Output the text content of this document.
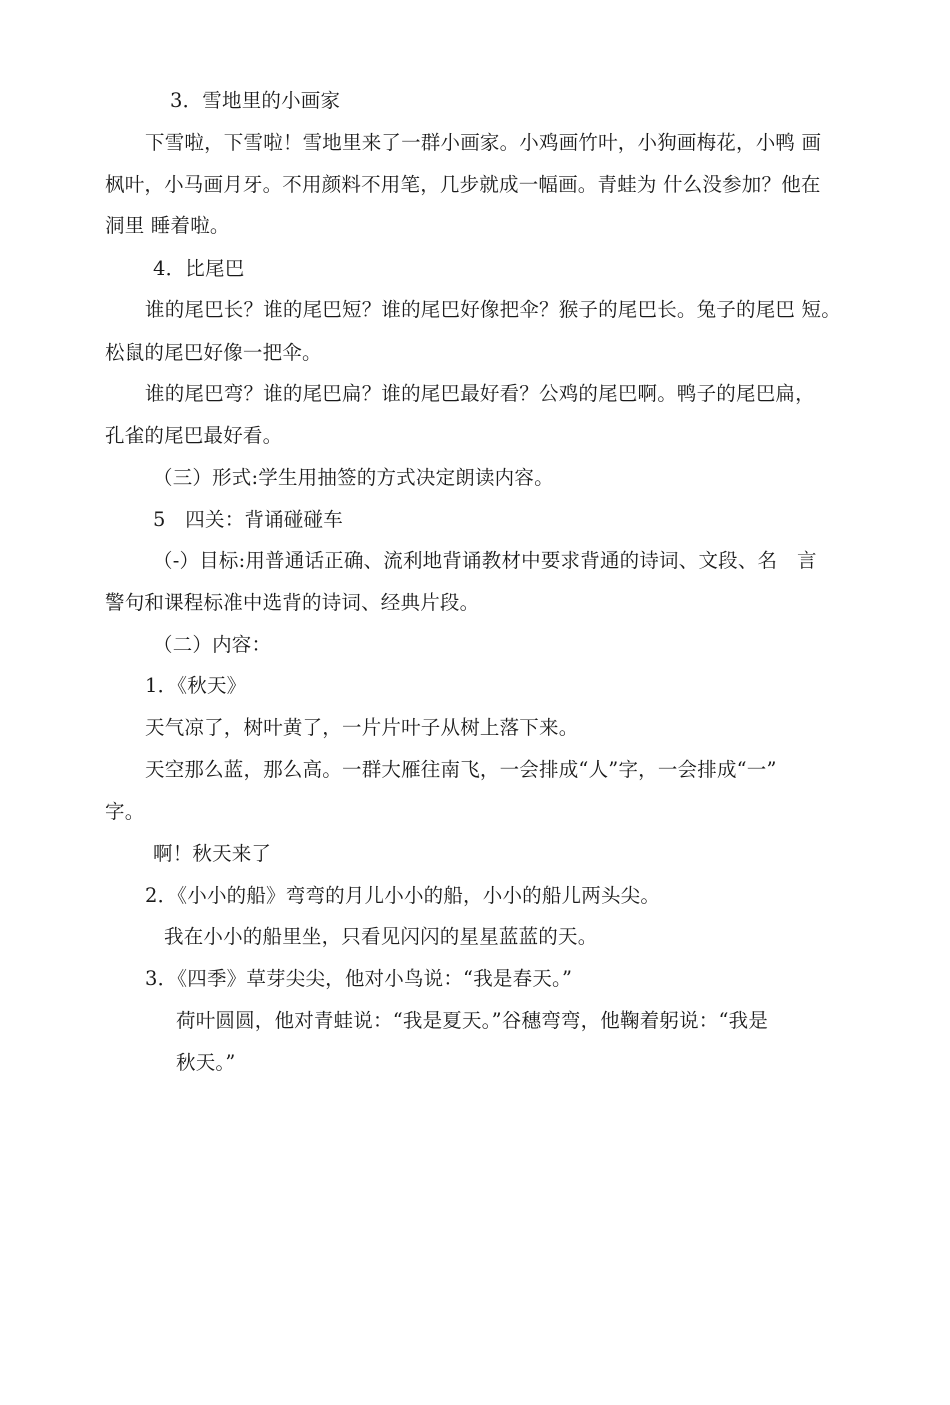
3．雪地里的小画家
下雪啦，下雪啦！雪地里来了一群小画家。小鸡画竹叶，小狗画梅花，小鸭 画
枫叶，小马画月牙。不用颜料不用笔，几步就成一幅画。青蛙为 什么没参加？他在
洞里 睡着啦。
4．比尾巴
谁的尾巴长？谁的尾巴短？谁的尾巴好像把伞？猴子的尾巴长。兔子的尾巴 短。
松鼠的尾巴好像一把伞。
谁的尾巴弯？谁的尾巴扁？谁的尾巴最好看？公鸡的尾巴啊。鸭子的尾巴扁，
孔雀的尾巴最好看。
（三）形式:学生用抽签的方式决定朗读内容。
5　四关：背诵碰碰车
（-）目标:用普通话正确、流利地背诵教材中要求背通的诗词、文段、名　言
警句和课程标准中选背的诗词、经典片段。
（二）内容：
1．《秋天》
天气凉了，树叶黄了，一片片叶子从树上落下来。
天空那么蓝，那么高。一群大雁往南飞，一会排成“人”字，一会排成“一”
字。
啊！秋天来了
2．《小小的船》弯弯的月儿小小的船，小小的船儿两头尖。
我在小小的船里坐，只看见闪闪的星星蓝蓝的天。
3．《四季》草芽尖尖，他对小鸟说：“我是春天。”
荷叶圆圆，他对青蛙说：“我是夏天。”谷穗弯弯，他鞠着躬说：“我是
秋天。”
